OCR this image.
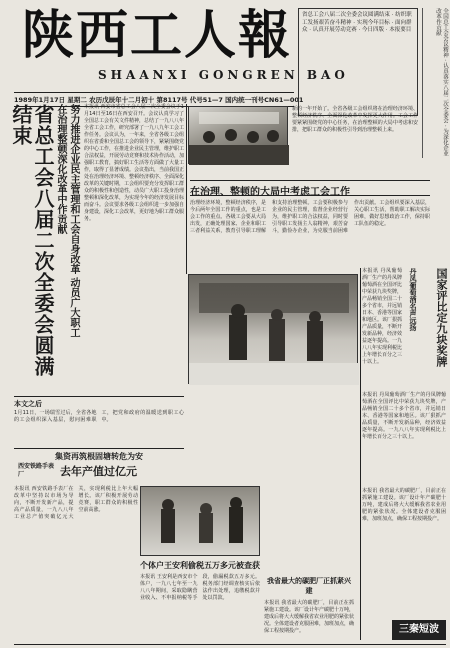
陕西工人報
SHAANXI GONGREN BAO
1989年1月17日 星期二 农历戊辰年十二月初十 第8117号 代号51—7 国内统一刊号CN61—001
省总工会八届二次全委会议圆满结束 · 纺织职工发扬艰苦奋斗精神 · 实现今年目标 · 面向群众 · 认真开展劳动竞赛 · 今日四版 · 本报要目	全国总工会会议精神 · 认真落实八届二次全委会 · 为深化企业改革作贡献
省总工会八届二次全委会圆满结束	努力推进企业民主管理和工会自身改革 动员广大职工在治理整顿深化改革中作贡献	本报讯 西安市省总工会八届二次全委会议于1月14日至16日在西安召开。会议认真学习了全国总工会有关文件精神，总结了一九八八年全省工会工作，研究部署了一九八九年工会工作任务。会议认为，一年来，全省各级工会组织在省委和全国总工会的领导下，紧紧围绕党的中心工作，在推进企业民主管理，维护职工合法权益，开展劳动竞赛和技术协作活动，加强职工教育，搞好职工生活等方面做了大量工作，取得了显著成绩。会议指出，当前我国正处在治理经济环境、整顿经济秩序、全面深化改革的关键时期，工会组织要充分发挥职工群众的积极性和创造性，动员广大职工投身治理整顿和深化改革，为实现今年的经济发展目标而奋斗。会议要求各级工会组织进一步加强自身建设，深化工会改革，更好地为职工群众服务。
新的一年开始了。全省各级工会组织将在治理经济环境、整顿经济秩序、全面深化改革中发挥更大作用。工会工作要紧紧围绕党的中心任务，在治理整顿的大局中考虑和安排，把职工群众的积极性引导到治理整顿上来。
在治理、整顿的大局中考虑工会工作
治理经济环境，整顿经济秩序，是今后两年全国工作的重点，也是工会工作的重点。各级工会要从大局出发，正确处理国家、企业和职工三者利益关系，教育引导职工理解和支持治理整顿。工会要积极参与企业的民主管理，监督企业经营行为，维护职工的合法权益，同时要引导职工发扬主人翁精神，艰苦奋斗，勤俭办企业，为克服当前困难作出贡献。工会组织要深入基层，关心职工生活，帮助职工解决实际困难，做好思想政治工作，保持职工队伍的稳定。
国家评比定九块奖牌
丹凤葡萄酒名声远扬
本报讯 丹凤葡萄酒厂生产的丹凤牌葡萄酒在全国评比中荣获九块奖牌，产品畅销全国二十多个省市，并远销日本、香港等国家和地区。该厂狠抓产品质量，不断开发新品种，经济效益逐年提高。一九八八年实现利税比上年增长百分之三十以上。
本报讯 丹凤葡萄酒厂生产的丹凤牌葡萄酒在全国评比中荣获九块奖牌，产品畅销全国二十多个省市，并远销日本、香港等国家和地区。该厂狠抓产品质量，不断开发新品种，经济效益逐年提高。一九八八年实现利税比上年增长百分之三十以上。
本文之后
1月11日，一场瑞雪过后，全省各地的工会组织深入基层，慰问困难职工，把党和政府的温暖送到职工心中。
集资再筑根固塘转危为安
西安铁路手表厂	去年产值过亿元
本报讯 西安铁路手表厂在改革中坚持以市场为导向，不断开发新产品，提高产品质量，一九八八年工业总产值突破亿元大关，实现利税比上年大幅增长。该厂积极开展劳动竞赛，职工群众的积极性空前高涨。
个体户王安利偷税五万多元被查获
本报讯 王安利是西安市个体户，一九八七年至一九八八年期间，采取隐瞒营业收入、不申报纳税等手段，偷漏税款五万多元。税务部门经调查核实后依法作出处理，追缴税款并处以罚款。
我省最大的碳肥厂正抓紧兴建
本报讯 我省最大的碳肥厂，目前正在抓紧施工建设。该厂设计年产碳肥十万吨，建成后将大大缓解我省农业用肥的紧张状况。全体建设者克服困难，加班加点，确保工程按期投产。
本报讯 我省最大的碳肥厂，目前正在抓紧施工建设。该厂设计年产碳肥十万吨，建成后将大大缓解我省农业用肥的紧张状况。全体建设者克服困难，加班加点，确保工程按期投产。
三秦短波
